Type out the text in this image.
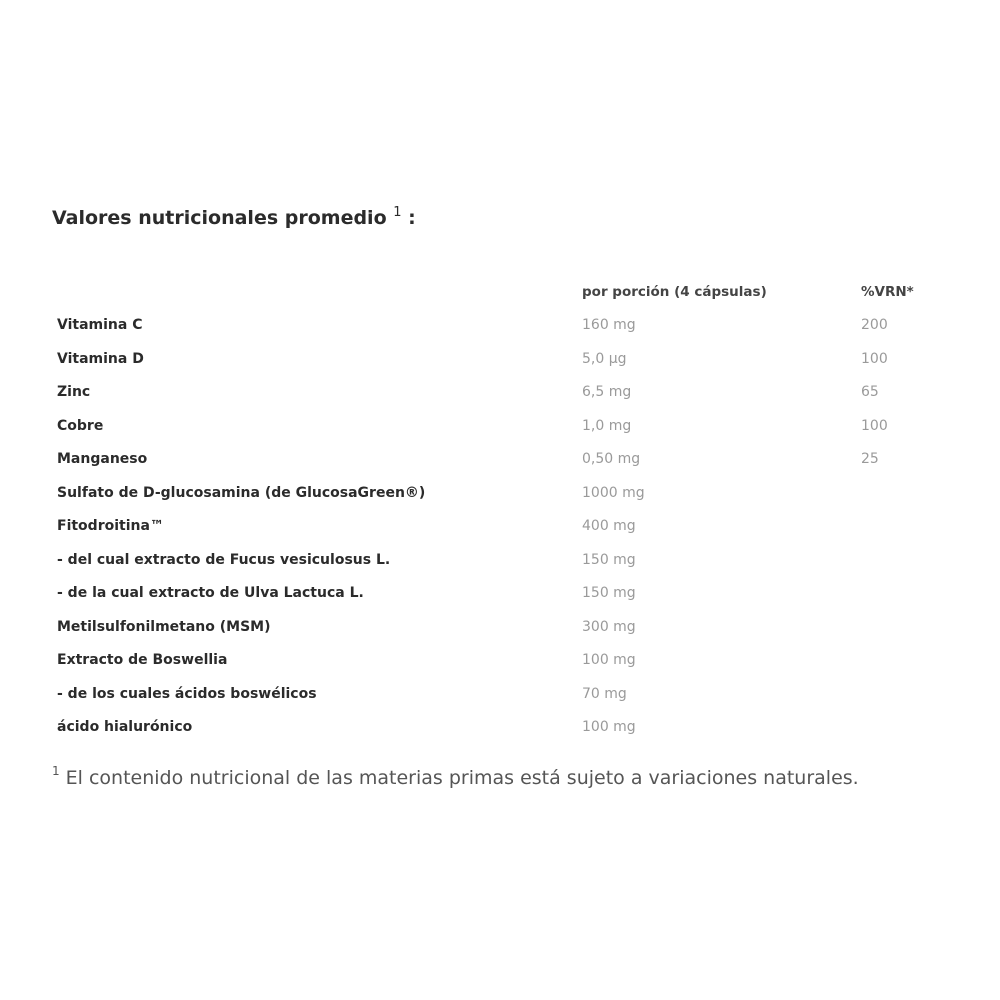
Valores nutricionales promedio $^1$ :
	por porción (4 cápsulas)	%VRN*
Vitamina C	160 mg	200
Vitamina D	5,0 μg	100
Zinc	6,5 mg	65
Cobre	1,0 mg	100
Manganeso	0,50 mg	25
Sulfato de D-glucosamina (de GlucosaGreen®)	1000 mg	
Fitodroitina™	400 mg	
- del cual extracto de Fucus vesiculosus L.	150 mg	
- de la cual extracto de Ulva Lactuca L.	150 mg	
Metilsulfonilmetano (MSM)	300 mg	
Extracto de Boswellia	100 mg	
- de los cuales ácidos boswélicos	70 mg	
ácido hialurónico	100 mg	
$^1$ El contenido nutricional de las materias primas está sujeto a variaciones naturales.
